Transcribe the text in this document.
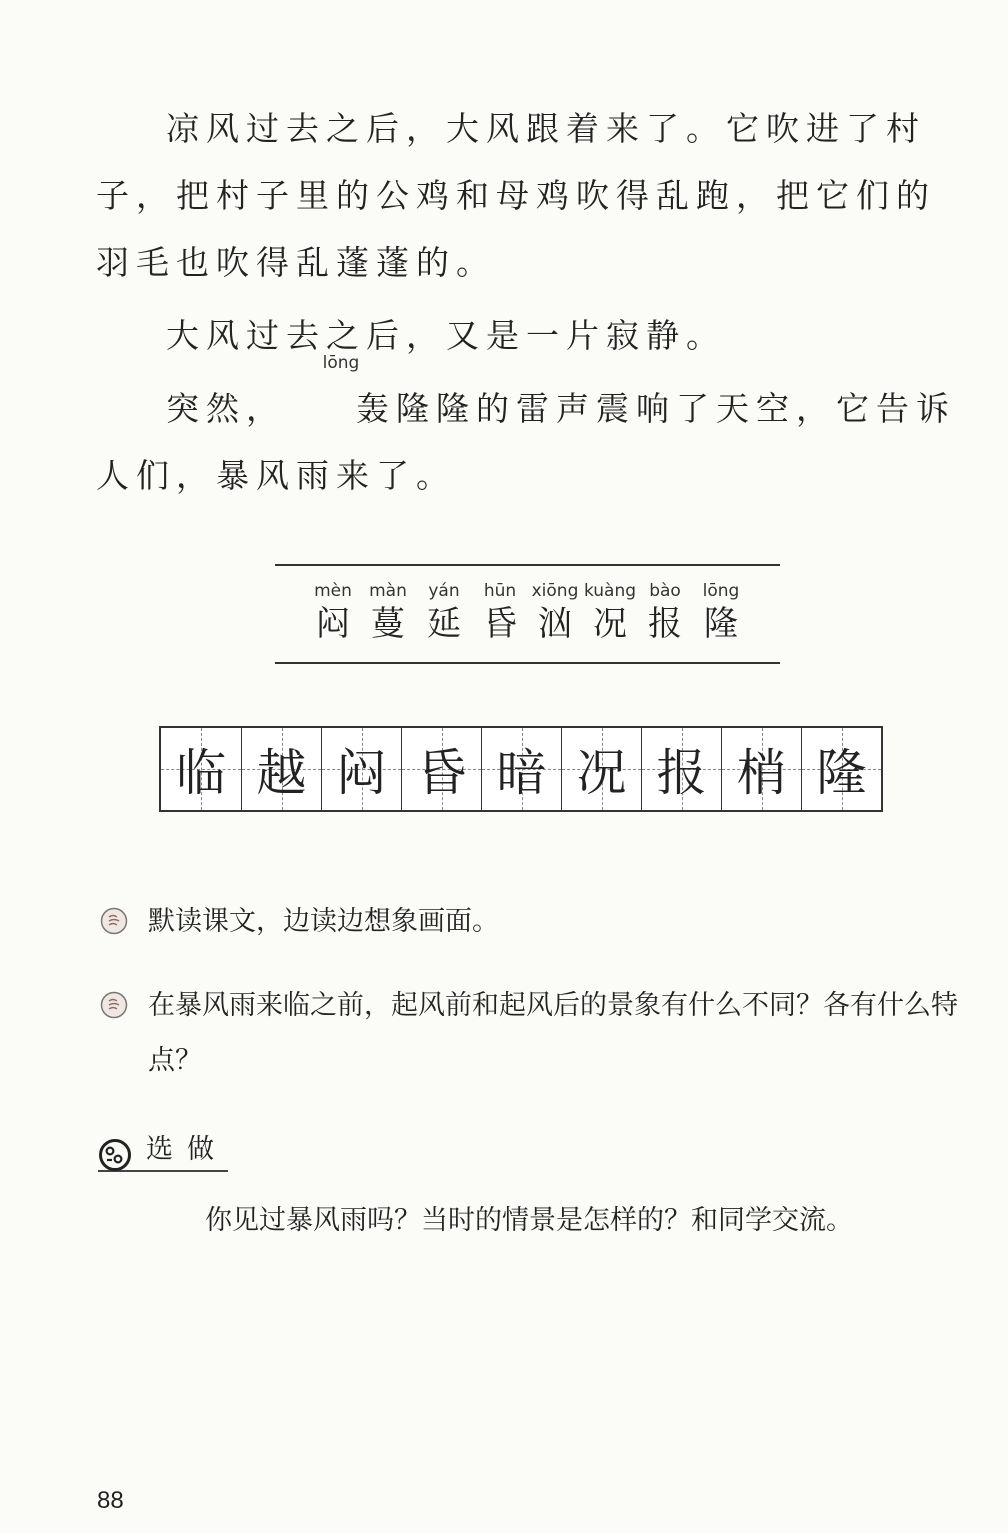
凉风过去之后，大风跟着来了。它吹进了村子，把村子里的公鸡和母鸡吹得乱跑，把它们的羽毛也吹得乱蓬蓬的。

大风过去之后，又是一片寂静。

突然，
lōng
轰隆隆的雷声震响了天空，它告诉人们，暴风雨来了。

mèn
闷
màn
蔓
yán
延
hūn
昏
xiōng
汹
kuàng
况
bào
报
lōng
隆
临 越 闷 昏 暗 况 报 梢 隆
默读课文，边读边想象画面。
在暴风雨来临之前，起风前和起风后的景象有什么不同？各有什么特点？
选做
你见过暴风雨吗？当时的情景是怎样的？和同学交流。
88
